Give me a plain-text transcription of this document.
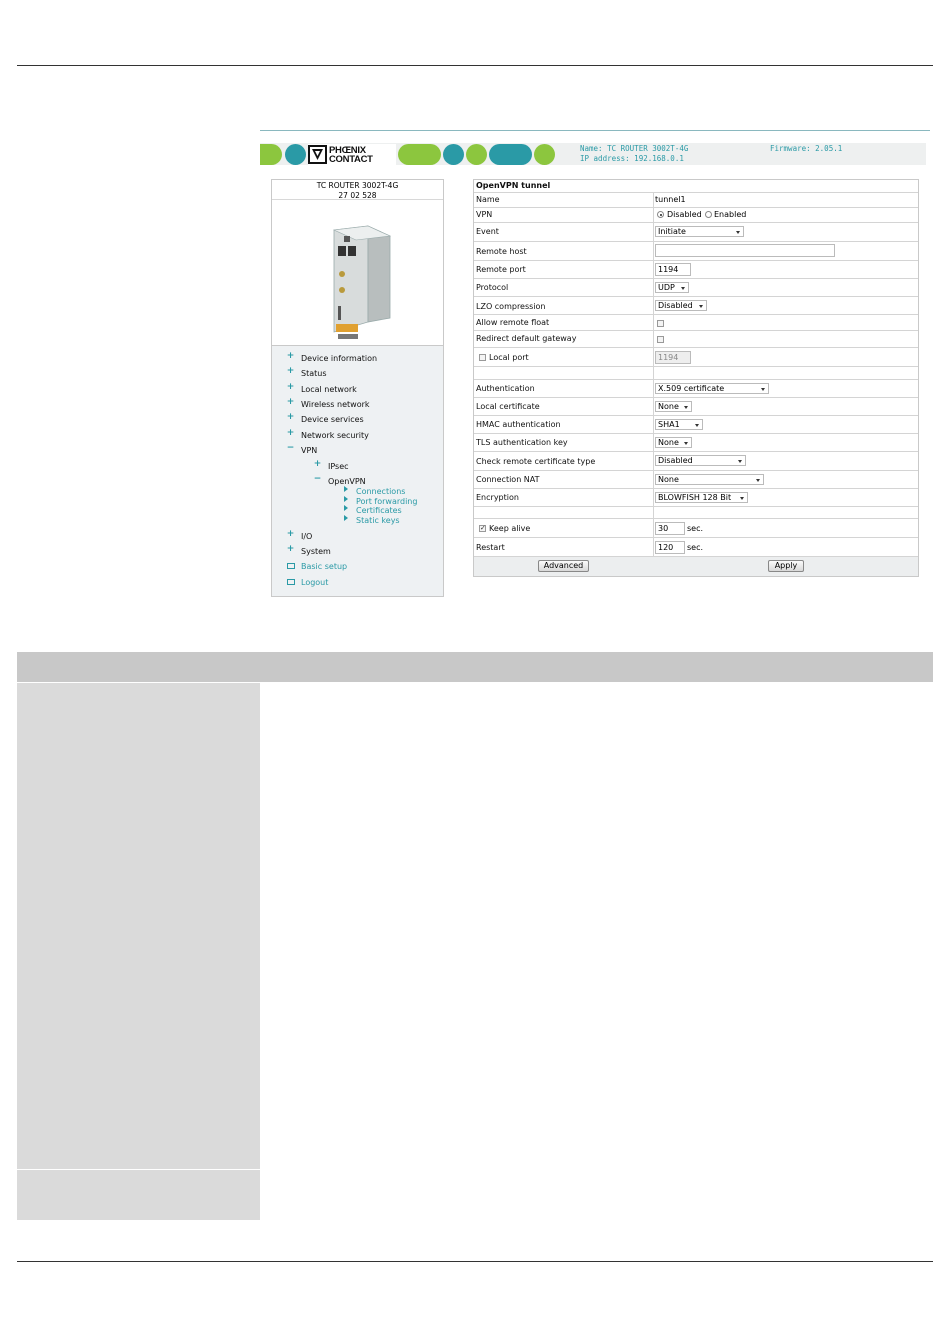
PHŒNIX
CONTACT
Name: TC ROUTER 3002T-4G
IP address: 192.168.0.1
Firmware: 2.05.1
TC ROUTER 3002T-4G
27 02 528
+ Device information
+ Status
+ Local network
+ Wireless network
+ Device services
+ Network security
− VPN
+ IPsec
− OpenVPN
Connections
Port forwarding
Certificates
Static keys
+ I/O
+ System
Basic setup
Logout
OpenVPN tunnel
Name	tunnel1
VPN	Disabled Enabled
Event	Initiate
Remote host
Remote port	1194
Protocol	UDP
LZO compression	Disabled
Allow remote float
Redirect default gateway
Local port	1194
Authentication	X.509 certificate
Local certificate	None
HMAC authentication	SHA1
TLS authentication key	None
Check remote certificate type	Disabled
Connection NAT	None
Encryption	BLOWFISH 128 Bit
✓ Keep alive	30	sec.
Restart	120	sec.
Advanced	Apply
